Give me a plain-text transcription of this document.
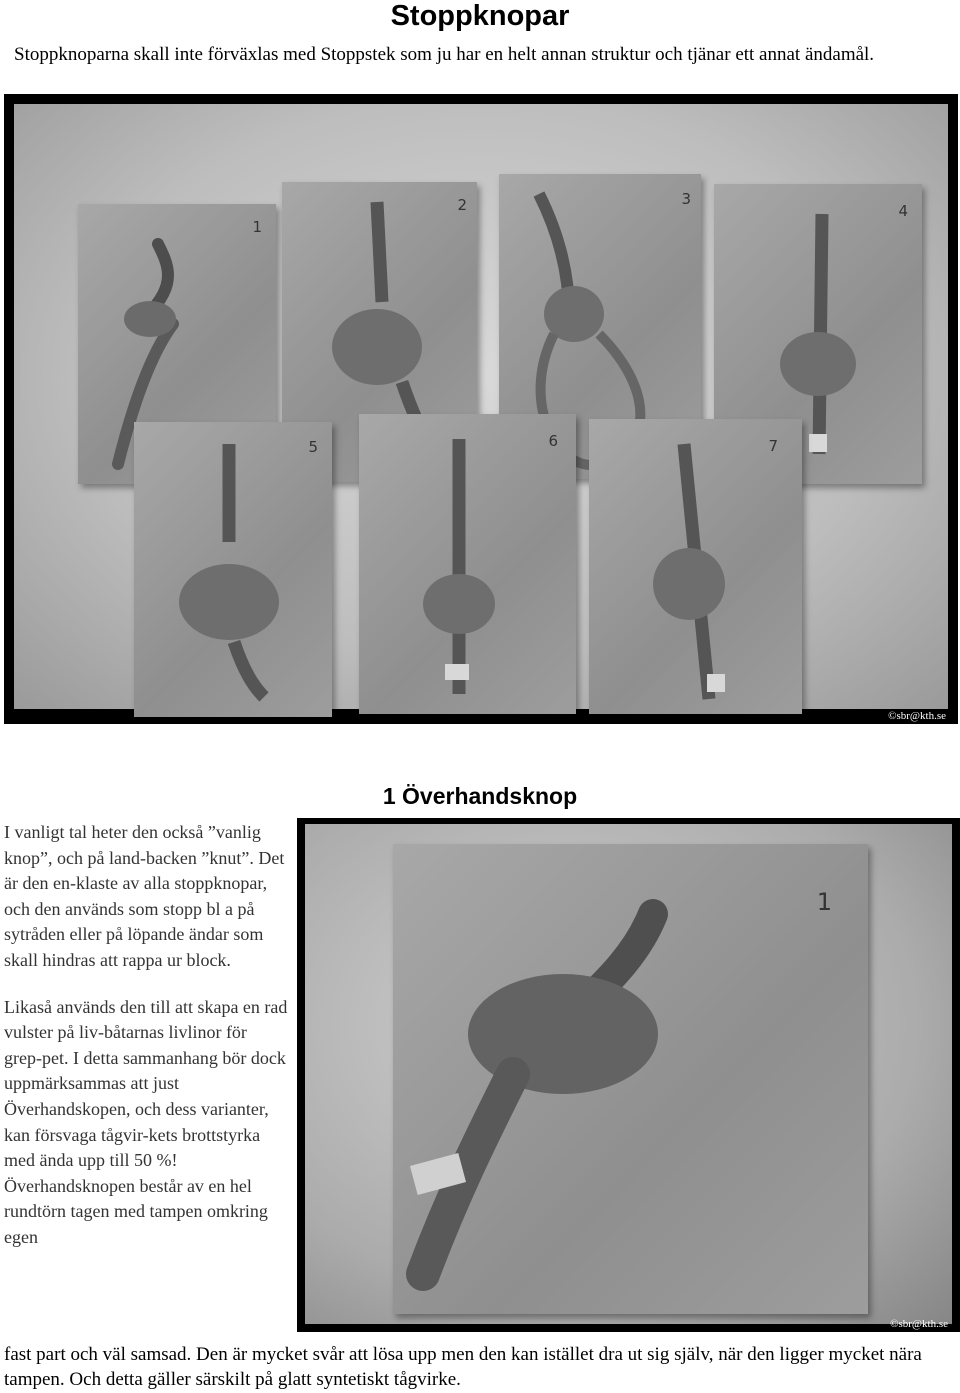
Stoppknopar

Stoppknoparna skall inte förväxlas med Stoppstek som ju har en helt annan struktur och tjänar ett annat ändamål.

1
2	3
4
5	6	7
©sbr@kth.se
1 Överhandsknop

I vanligt tal heter den också ”vanlig knop”, och på land-backen ”knut”. Det är den en-klaste av alla stoppknopar, och den används som stopp bl a på sytråden eller på löpande ändar som skall hindras att rappa ur block.

Likaså används den till att skapa en rad vulster på liv-båtarnas livlinor för grep-pet. I detta sammanhang bör dock uppmärksammas att just Överhandskopen, och dess varianter, kan försvaga tågvir-kets brottstyrka med ända upp till 50 %! Överhandsknopen består av en hel rundtörn tagen med tampen omkring egen

1
©sbr@kth.se

fast part och väl samsad. Den är mycket svår att lösa upp men den kan istället dra ut sig själv, när den ligger mycket nära tampen. Och detta gäller särskilt på glatt syntetiskt tågvirke.
